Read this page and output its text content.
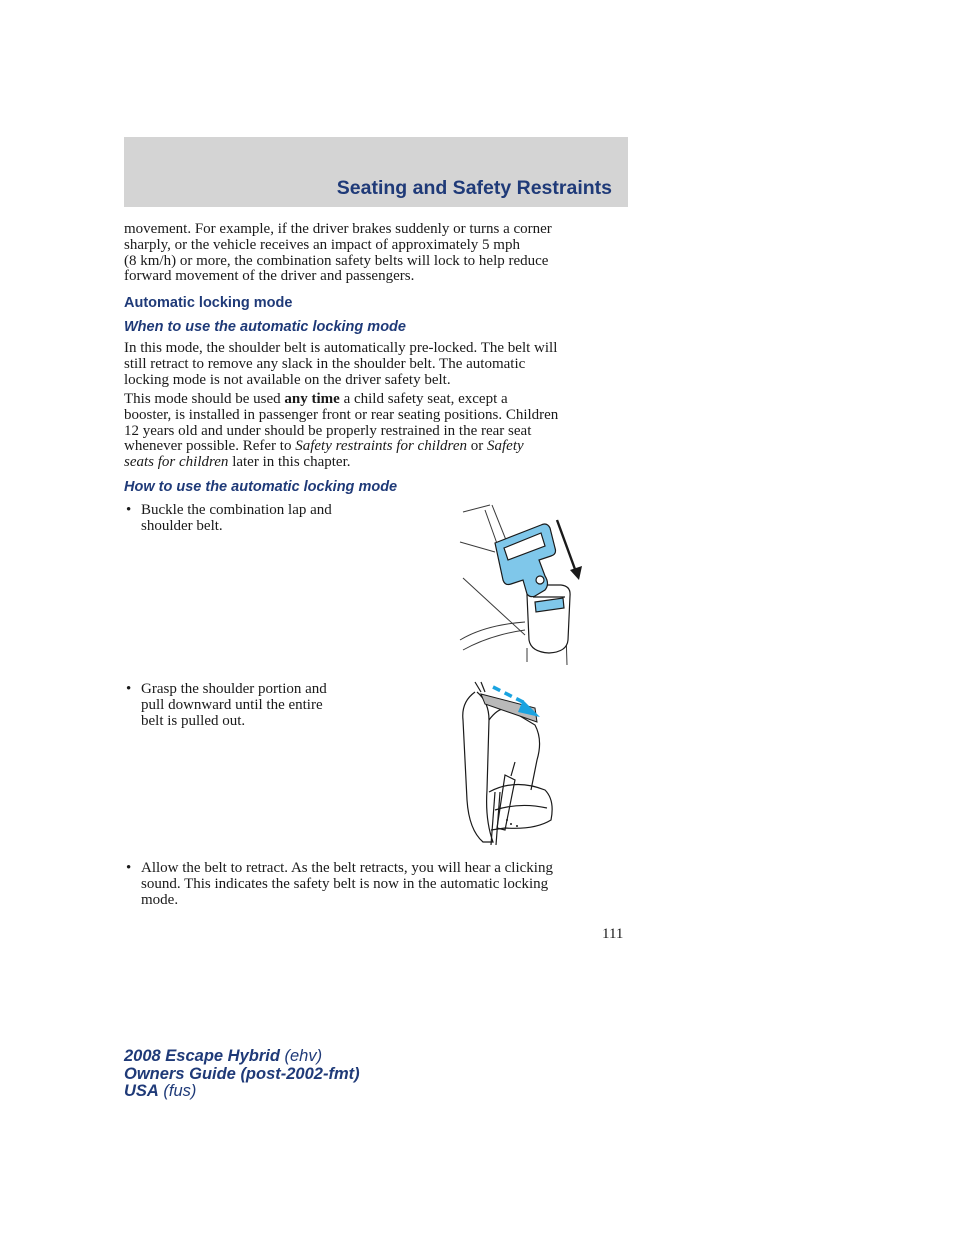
Seating and Safety Restraints

movement. For example, if the driver brakes suddenly or turns a corner

sharply, or the vehicle receives an impact of approximately 5 mph

(8 km/h) or more, the combination safety belts will lock to help reduce

forward movement of the driver and passengers.

Automatic locking mode
When to use the automatic locking mode

In this mode, the shoulder belt is automatically pre-locked. The belt will

still retract to remove any slack in the shoulder belt. The automatic

locking mode is not available on the driver safety belt.

This mode should be used any time a child safety seat, except a

booster, is installed in passenger front or rear seating positions. Children

12 years old and under should be properly restrained in the rear seat

whenever possible. Refer to Safety restraints for children or Safety

seats for children later in this chapter.

How to use the automatic locking mode
• Buckle the combination lap and

shoulder belt.

• Grasp the shoulder portion and

pull downward until the entire

belt is pulled out.

• Allow the belt to retract. As the belt retracts, you will hear a clicking

sound. This indicates the safety belt is now in the automatic locking

mode.

111
2008 Escape Hybrid (ehv)
Owners Guide (post-2002-fmt)
USA (fus)
